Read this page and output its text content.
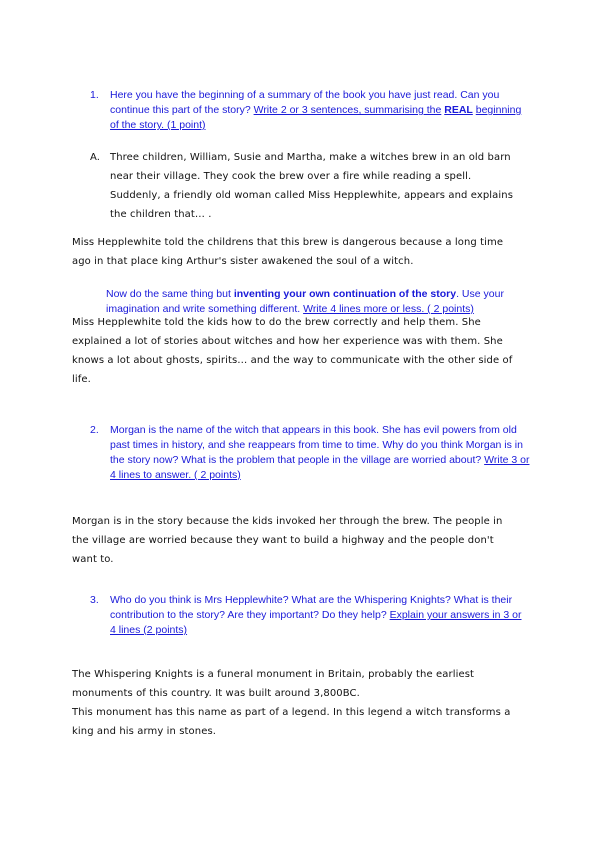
1. Here you have the beginning of a summary of the book you have just read. Can you continue this part of the story? Write 2 or 3 sentences, summarising the REAL beginning of the story. (1 point)
A. Three children, William, Susie and Martha, make a witches brew in an old barn near their village. They cook the brew over a fire while reading a spell. Suddenly, a friendly old woman called Miss Hepplewhite, appears and explains the children that… .
Miss Hepplewhite told the childrens that this brew is dangerous because a long time ago in that place king Arthur's sister awakened the soul of a witch.
Now do the same thing but inventing your own continuation of the story. Use your imagination and write something different. Write 4 lines more or less. ( 2 points)
Miss Hepplewhite told the kids how to do the brew correctly and help them. She explained a lot of stories about witches and how her experience was with them. She knows a lot about ghosts, spirits… and the way to communicate with the other side of life.
2. Morgan is the name of the witch that appears in this book. She has evil powers from old past times in history, and she reappears from time to time. Why do you think Morgan is in the story now? What is the problem that people in the village are worried about? Write 3 or 4 lines to answer. ( 2 points)
Morgan is in the story because the kids invoked her through the brew. The people in the village are worried because they want to build a highway and the people don't want to.
3. Who do you think is Mrs Hepplewhite? What are the Whispering Knights? What is their contribution to the story? Are they important? Do they help? Explain your answers in 3 or 4 lines (2 points)
The Whispering Knights is a funeral monument in Britain, probably the earliest monuments of this country. It was built around 3,800BC.
This monument has this name as part of a legend. In this legend a witch transforms a king and his army in stones.
